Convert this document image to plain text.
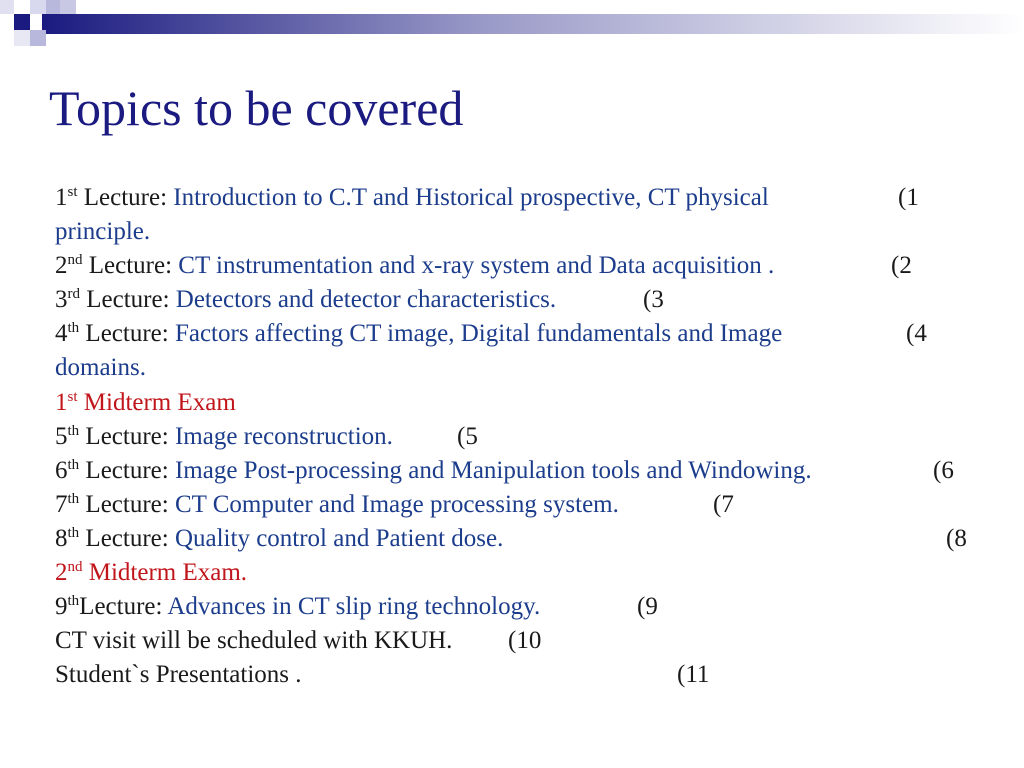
Topics to be covered
1st Lecture: Introduction to C.T and Historical prospective, CT physical	(1
principle.
2nd Lecture: CT instrumentation and x-ray system and Data acquisition .	(2
3rd Lecture: Detectors and detector characteristics.	(3
4th Lecture: Factors affecting CT image, Digital fundamentals and Image	(4
domains.
1st Midterm Exam
5th Lecture: Image reconstruction.	(5
6th Lecture: Image Post-processing and Manipulation tools and Windowing.	(6
7th Lecture: CT Computer and Image processing system.	(7
8th Lecture: Quality control and Patient dose.	(8
2nd Midterm Exam.
9thLecture: Advances in CT slip ring technology.	(9
CT visit will be scheduled with KKUH. (10
Student`s Presentations .	(11
